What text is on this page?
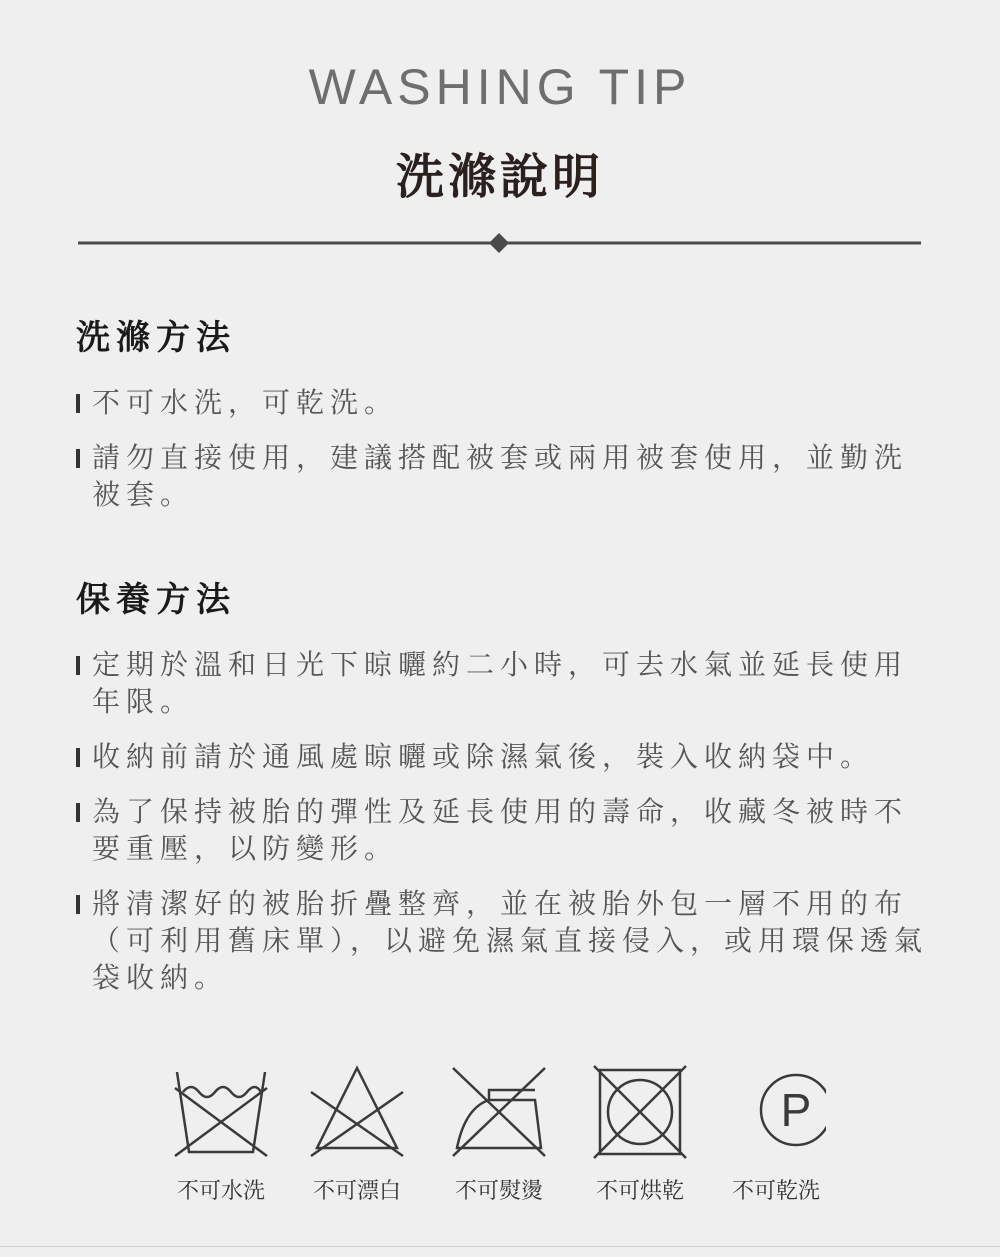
WASHING TIP
洗滌說明
洗滌方法
不可水洗，可乾洗。
請勿直接使用，建議搭配被套或兩用被套使用，並勤洗被套。
保養方法
定期於溫和日光下晾曬約二小時，可去水氣並延長使用年限。
收納前請於通風處晾曬或除濕氣後，裝入收納袋中。
為了保持被胎的彈性及延長使用的壽命，收藏冬被時不要重壓，以防變形。
將清潔好的被胎折疊整齊，並在被胎外包一層不用的布（可利用舊床單），以避免濕氣直接侵入，或用環保透氣袋收納。
不可水洗	不可漂白	不可熨燙	不可烘乾
P
不可乾洗
